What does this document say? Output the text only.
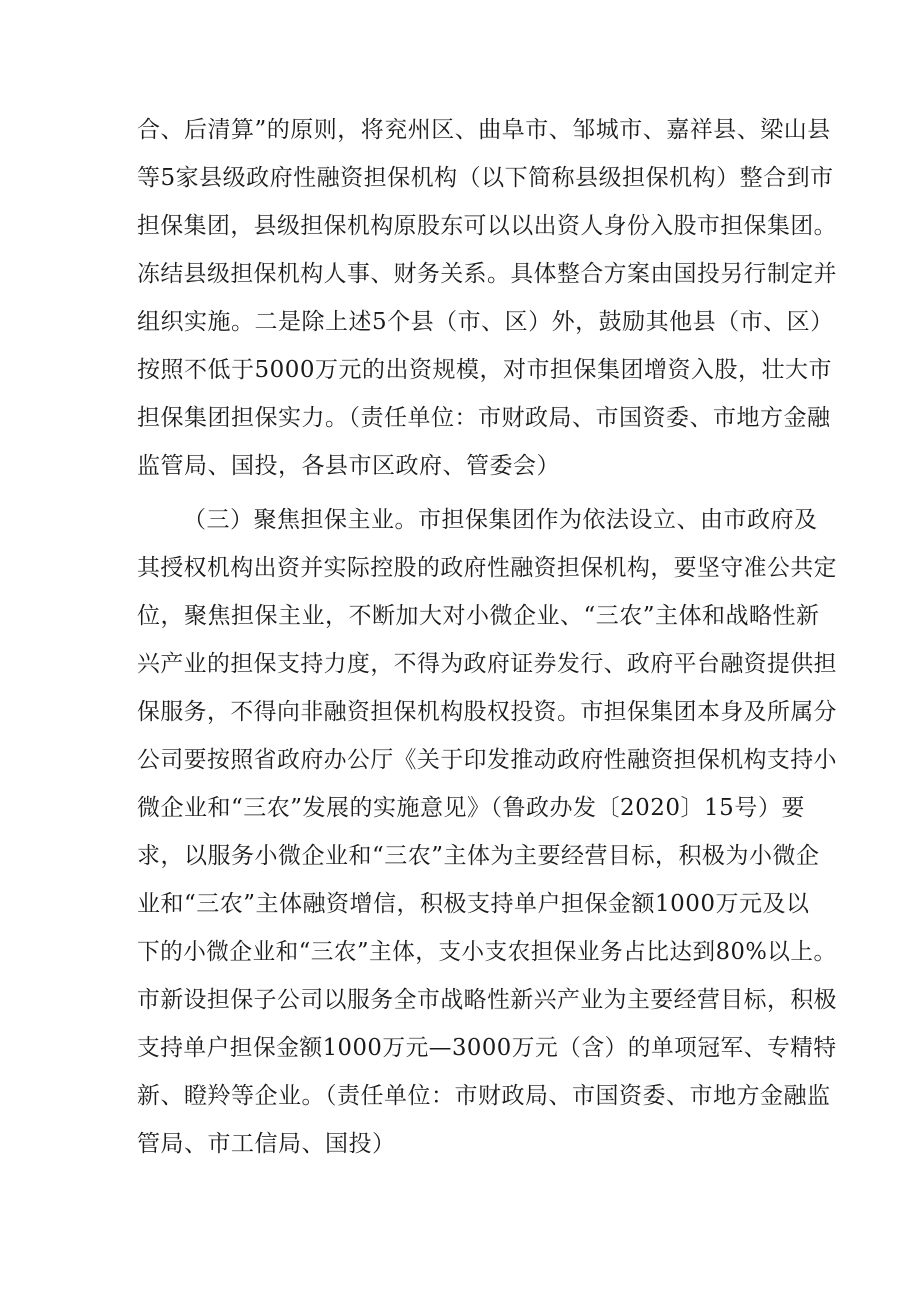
合、后清算”的原则，将兖州区、曲阜市、邹城市、嘉祥县、梁山县
等5家县级政府性融资担保机构（以下简称县级担保机构）整合到市
担保集团，县级担保机构原股东可以以出资人身份入股市担保集团。
冻结县级担保机构人事、财务关系。具体整合方案由国投另行制定并
组织实施。二是除上述5个县（市、区）外，鼓励其他县（市、区）
按照不低于5000万元的出资规模，对市担保集团增资入股，壮大市
担保集团担保实力。（责任单位：市财政局、市国资委、市地方金融
监管局、国投，各县市区政府、管委会）
（三）聚焦担保主业。市担保集团作为依法设立、由市政府及
其授权机构出资并实际控股的政府性融资担保机构，要坚守准公共定
位，聚焦担保主业，不断加大对小微企业、“三农”主体和战略性新
兴产业的担保支持力度，不得为政府证券发行、政府平台融资提供担
保服务，不得向非融资担保机构股权投资。市担保集团本身及所属分
公司要按照省政府办公厅《关于印发推动政府性融资担保机构支持小
微企业和“三农”发展的实施意见》（鲁政办发〔2020〕15号）要
求，以服务小微企业和“三农”主体为主要经营目标，积极为小微企
业和“三农”主体融资增信，积极支持单户担保金额1000万元及以
下的小微企业和“三农”主体，支小支农担保业务占比达到80%以上。
市新设担保子公司以服务全市战略性新兴产业为主要经营目标，积极
支持单户担保金额1000万元—3000万元（含）的单项冠军、专精特
新、瞪羚等企业。（责任单位：市财政局、市国资委、市地方金融监
管局、市工信局、国投）
